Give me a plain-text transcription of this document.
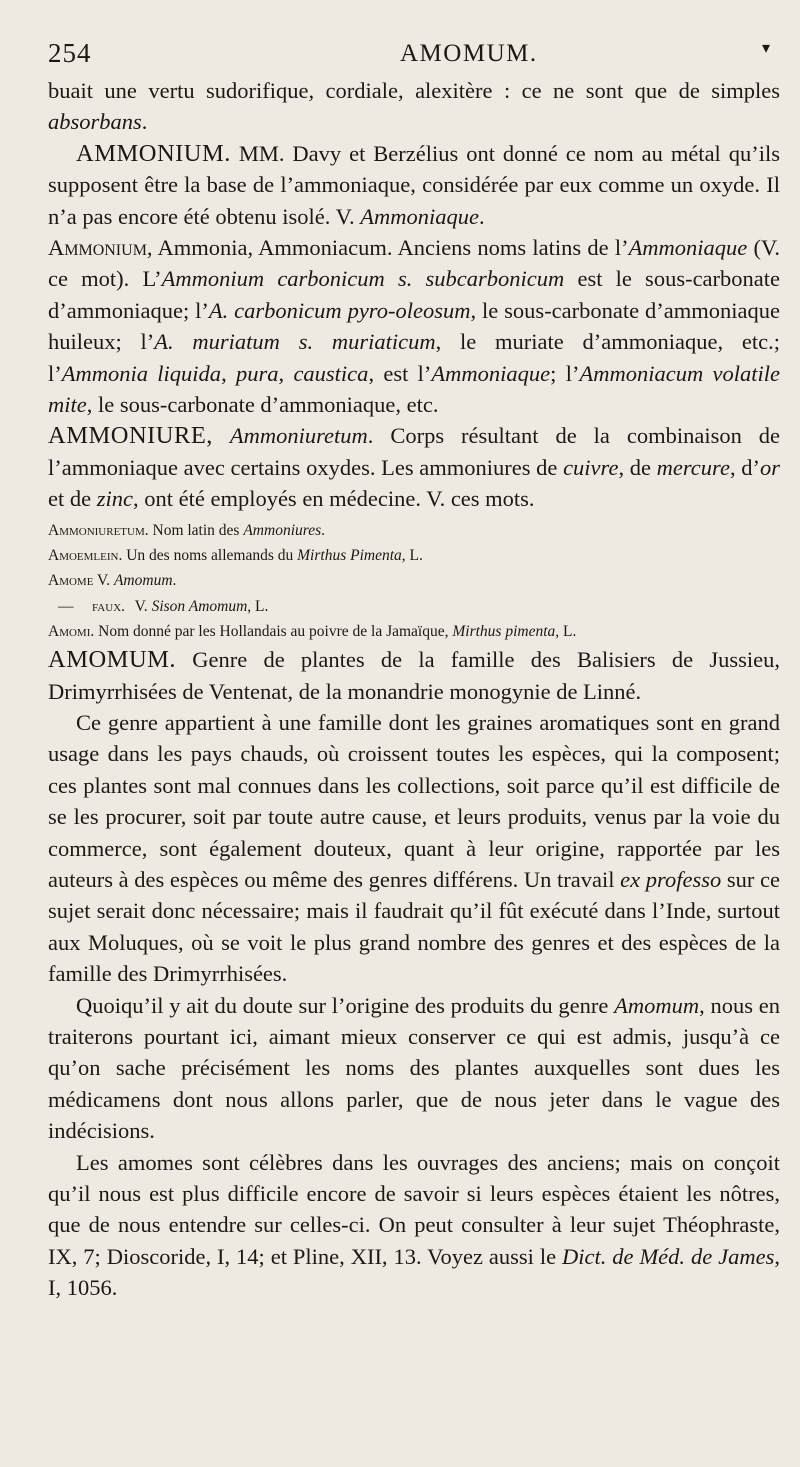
254	AMOMUM.	▾

buait une vertu sudorifique, cordiale, alexitère : ce ne sont que de simples absorbans.

AMMONIUM. MM. Davy et Berzélius ont donné ce nom au métal qu’ils supposent être la base de l’ammoniaque, considérée par eux comme un oxyde. Il n’a pas encore été obtenu isolé. V. Ammoniaque.

Ammonium, Ammonia, Ammoniacum. Anciens noms latins de l’Ammoniaque (V. ce mot). L’Ammonium carbonicum s. subcarbonicum est le sous-carbonate d’ammoniaque; l’A. carbonicum pyro-oleosum, le sous-carbonate d’ammoniaque huileux; l’A. muriatum s. muriaticum, le muriate d’ammoniaque, etc.; l’Ammonia liquida, pura, caustica, est l’Ammoniaque; l’Ammoniacum volatile mite, le sous-carbonate d’ammoniaque, etc.

AMMONIURE, Ammoniuretum. Corps résultant de la combinaison de l’ammoniaque avec certains oxydes. Les ammoniures de cuivre, de mercure, d’or et de zinc, ont été employés en médecine. V. ces mots.

Ammoniuretum. Nom latin des Ammoniures.

Amoemlein. Un des noms allemands du Mirthus Pimenta, L.

Amome V. Amomum.

— faux. V. Sison Amomum, L.

Amomi. Nom donné par les Hollandais au poivre de la Jamaïque, Mirthus pimenta, L.

AMOMUM. Genre de plantes de la famille des Balisiers de Jussieu, Drimyrrhisées de Ventenat, de la monandrie monogynie de Linné.

Ce genre appartient à une famille dont les graines aromatiques sont en grand usage dans les pays chauds, où croissent toutes les espèces, qui la composent; ces plantes sont mal connues dans les collections, soit parce qu’il est difficile de se les procurer, soit par toute autre cause, et leurs produits, venus par la voie du commerce, sont également douteux, quant à leur origine, rapportée par les auteurs à des espèces ou même des genres différens. Un travail ex professo sur ce sujet serait donc nécessaire; mais il faudrait qu’il fût exécuté dans l’Inde, surtout aux Moluques, où se voit le plus grand nombre des genres et des espèces de la famille des Drimyrrhisées.

Quoiqu’il y ait du doute sur l’origine des produits du genre Amomum, nous en traiterons pourtant ici, aimant mieux conserver ce qui est admis, jusqu’à ce qu’on sache précisément les noms des plantes auxquelles sont dues les médicamens dont nous allons parler, que de nous jeter dans le vague des indécisions.

Les amomes sont célèbres dans les ouvrages des anciens; mais on conçoit qu’il nous est plus difficile encore de savoir si leurs espèces étaient les nôtres, que de nous entendre sur celles-ci. On peut consulter à leur sujet Théophraste, IX, 7; Dioscoride, I, 14; et Pline, XII, 13. Voyez aussi le Dict. de Méd. de James, I, 1056.
